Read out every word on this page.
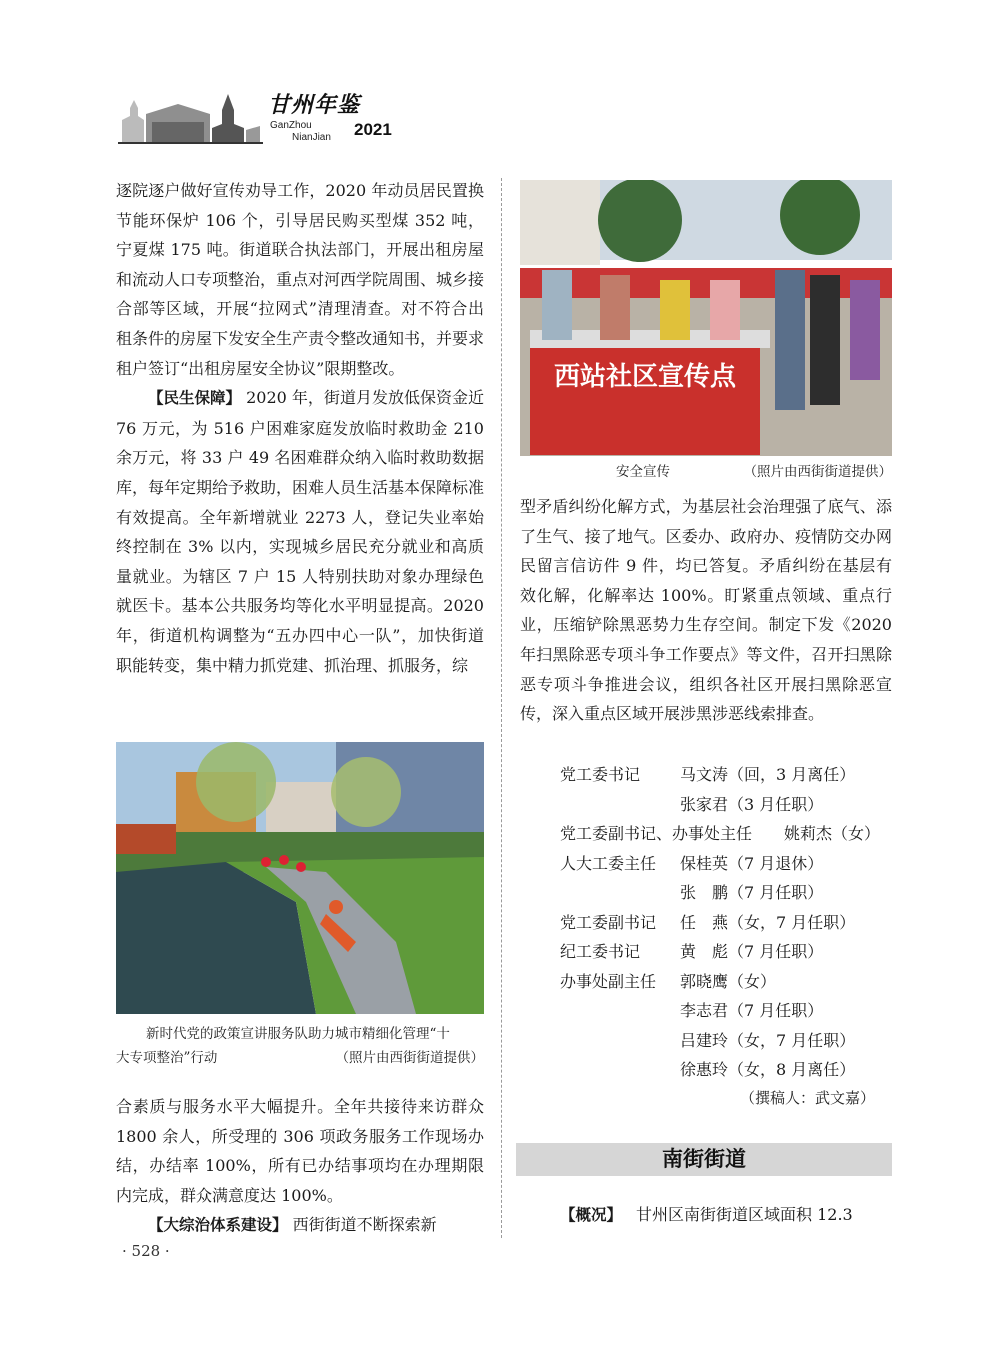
甘州年鉴
GanZhou
NianJian 2021

逐院逐户做好宣传劝导工作，2020 年动员居民置换节能环保炉 106 个，引导居民购买型煤 352 吨，宁夏煤 175 吨。街道联合执法部门，开展出租房屋和流动人口专项整治，重点对河西学院周围、城乡接合部等区域，开展“拉网式”清理清查。对不符合出租条件的房屋下发安全生产责令整改通知书，并要求租户签订“出租房屋安全协议”限期整改。

【民生保障】 2020 年，街道月发放低保资金近 76 万元，为 516 户困难家庭发放临时救助金 210 余万元，将 33 户 49 名困难群众纳入临时救助数据库，每年定期给予救助，困难人员生活基本保障标准有效提高。全年新增就业 2273 人，登记失业率始终控制在 3% 以内，实现城乡居民充分就业和高质量就业。为辖区 7 户 15 人特别扶助对象办理绿色就医卡。基本公共服务均等化水平明显提高。2020 年，街道机构调整为“五办四中心一队”，加快街道职能转变，集中精力抓党建、抓治理、抓服务，综

新时代党的政策宣讲服务队助力城市精细化管理“十
大专项整治”行动	（照片由西街街道提供）

合素质与服务水平大幅提升。全年共接待来访群众 1800 余人，所受理的 306 项政务服务工作现场办结，办结率 100%，所有已办结事项均在办理期限内完成，群众满意度达 100%。

【大综治体系建设】 西街街道不断探索新

西站社区宣传点
安全宣传	（照片由西街街道提供）

型矛盾纠纷化解方式，为基层社会治理强了底气、添了生气、接了地气。区委办、政府办、疫情防交办网民留言信访件 9 件，均已答复。矛盾纠纷在基层有效化解，化解率达 100%。盯紧重点领域、重点行业，压缩铲除黑恶势力生存空间。制定下发《2020 年扫黑除恶专项斗争工作要点》等文件，召开扫黑除恶专项斗争推进会议，组织各社区开展扫黑除恶宣传，深入重点区域开展涉黑涉恶线索排查。

党工委书记 马文涛（回，3 月离任）
张家君（3 月任职）
党工委副书记、办事处主任 姚莉杰（女）
人大工委主任 保桂英（7 月退休）
张　鹏（7 月任职）
党工委副书记 任　燕（女，7 月任职）
纪工委书记 黄　彪（7 月任职）
办事处副主任 郭晓鹰（女）
李志君（7 月任职）
吕建玲（女，7 月任职）
徐惠玲（女，8 月离任）
（撰稿人：武文嘉）
南街街道
【概况】 甘州区南街街道区域面积 12.3
· 528 ·
